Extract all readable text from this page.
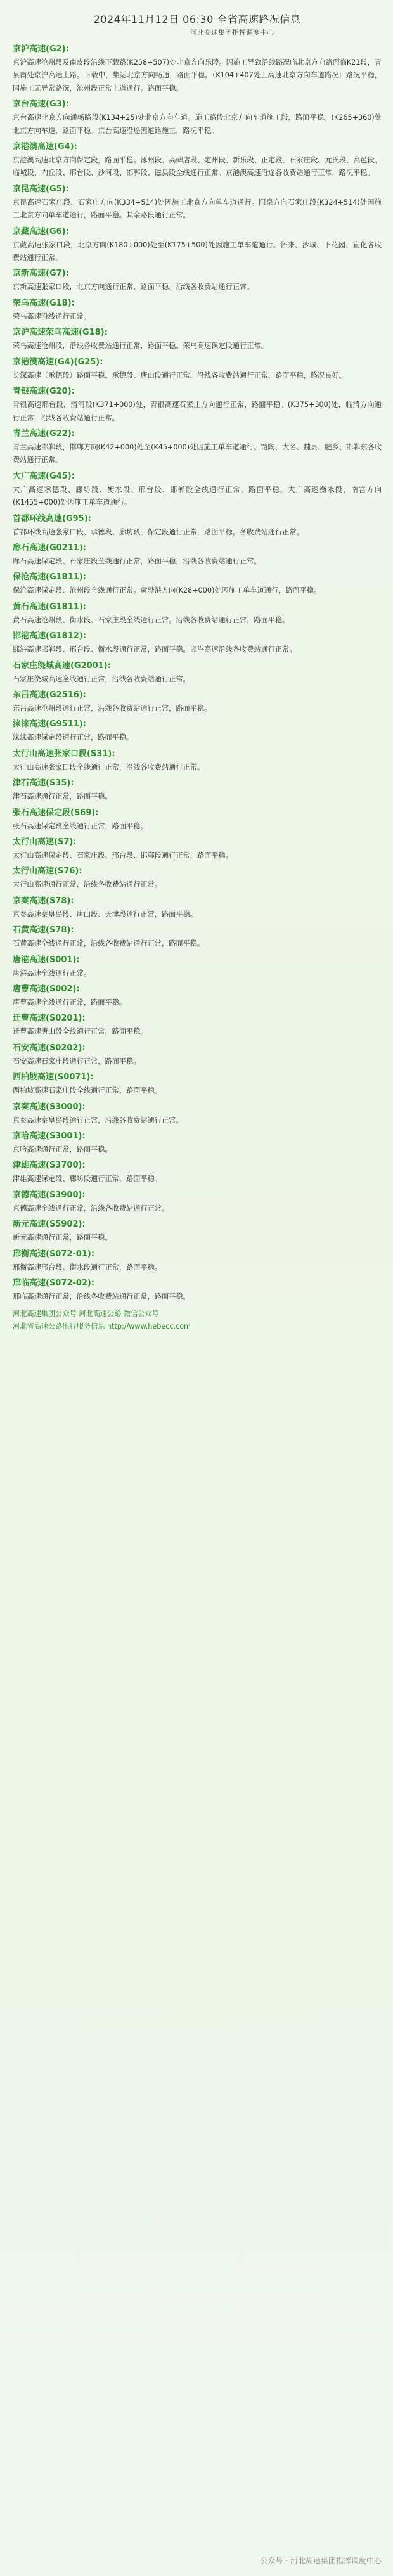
2024年11月12日 06:30 全省高速路况信息
河北高速集团指挥调度中心
京沪高速(G2):
京沪高速沧州段及南皮段沿线下载路(K258+507)处北京方向乐陵。因施工导致沿线路况临北京方向路面临K21段，青县南处京沪高速上路。下载中，集运北京方向畅通，路面平稳。（K104+407处上高速北京方向车道路况：路况平稳，因施工无异常路况，沧州段正常上道通行。路面平稳。
京台高速(G3):
京台高速北京方向通畅路段(K134+25)处北京方向车道。施工路段北京方向车道施工段，路面平稳。(K265+360)处北京方向车道，路面平稳。京台高速沿途因道路施工，路况平稳。
京港澳高速(G4):
京港澳高速北京方向保定段，路面平稳。涿州段、高碑店段、定州段、新乐段、正定段、石家庄段、元氏段、高邑段、临城段、内丘段、邢台段、沙河段、邯郸段、磁县段全线通行正常。京港澳高速沿途各收费站通行正常，路况平稳。
京昆高速(G5):
京昆高速石家庄段，石家庄方向(K334+514)处因施工北京方向单车道通行。阳泉方向石家庄段(K324+514)处因施工北京方向单车道通行，路面平稳。其余路段通行正常。
京藏高速(G6):
京藏高速张家口段，北京方向(K180+000)处至(K175+500)处因施工单车道通行。怀来、沙城、下花园、宣化各收费站通行正常。
京新高速(G7):
京新高速张家口段，北京方向通行正常，路面平稳。沿线各收费站通行正常。
荣乌高速(G18):
荣乌高速沿线通行正常。
京沪高速荣乌高速(G18):
荣乌高速沧州段，沿线各收费站通行正常，路面平稳。荣乌高速保定段通行正常。
京港澳高速(G4)(G25):
长深高速（承德段）路面平稳。承德段、唐山段通行正常，沿线各收费站通行正常，路面平稳，路况良好。
青银高速(G20):
青银高速邢台段，清河段(K371+000)处，青银高速石家庄方向通行正常，路面平稳。(K375+300)处，临清方向通行正常，沿线各收费站通行正常。
青兰高速(G22):
青兰高速邯郸段，邯郸方向(K42+000)处至(K45+000)处因施工单车道通行。馆陶、大名、魏县、肥乡、邯郸东各收费站通行正常。
大广高速(G45):
大广高速承德段、廊坊段、衡水段、邢台段、邯郸段全线通行正常，路面平稳。大广高速衡水段，南宫方向(K1455+000)处因施工单车道通行。
首都环线高速(G95):
首都环线高速张家口段、承德段、廊坊段、保定段通行正常，路面平稳。各收费站通行正常。
廊石高速(G0211):
廊石高速保定段、石家庄段全线通行正常，路面平稳，沿线各收费站通行正常。
保沧高速(G1811):
保沧高速保定段、沧州段全线通行正常。黄骅港方向(K28+000)处因施工单车道通行，路面平稳。
黄石高速(G1811):
黄石高速沧州段、衡水段、石家庄段全线通行正常。沿线各收费站通行正常，路面平稳。
邯港高速(G1812):
邯港高速邯郸段、邢台段、衡水段通行正常，路面平稳。邯港高速沿线各收费站通行正常。
石家庄绕城高速(G2001):
石家庄绕城高速全线通行正常，沿线各收费站通行正常。
东吕高速(G2516):
东吕高速沧州段通行正常，沿线各收费站通行正常，路面平稳。
涞涞高速(G9511):
涞涞高速保定段通行正常，路面平稳。
太行山高速张家口段(S31):
太行山高速张家口段全线通行正常，沿线各收费站通行正常。
津石高速(S35):
津石高速通行正常，路面平稳。
张石高速保定段(S69):
张石高速保定段全线通行正常，路面平稳。
太行山高速(S7):
太行山高速保定段、石家庄段、邢台段、邯郸段通行正常，路面平稳。
太行山高速(S76):
太行山高速通行正常，沿线各收费站通行正常。
京秦高速(S78):
京秦高速秦皇岛段、唐山段、天津段通行正常，路面平稳。
石黄高速(S78):
石黄高速全线通行正常，沿线各收费站通行正常，路面平稳。
唐港高速(S001):
唐港高速全线通行正常。
唐曹高速(S002):
唐曹高速全线通行正常，路面平稳。
迁曹高速(S0201):
迁曹高速唐山段全线通行正常，路面平稳。
石安高速(S0202):
石安高速石家庄段通行正常，路面平稳。
西柏坡高速(S0071):
西柏坡高速石家庄段全线通行正常，路面平稳。
京秦高速(S3000):
京秦高速秦皇岛段通行正常，沿线各收费站通行正常。
京哈高速(S3001):
京哈高速通行正常，路面平稳。
津雄高速(S3700):
津雄高速保定段、廊坊段通行正常，路面平稳。
京德高速(S3900):
京德高速全线通行正常，沿线各收费站通行正常。
新元高速(S5902):
新元高速通行正常，路面平稳。
邢衡高速(S072-01):
邢衡高速邢台段、衡水段通行正常，路面平稳。
邢临高速(S072-02):
邢临高速通行正常，沿线各收费站通行正常，路面平稳。
河北高速集团公众号 河北高速公路 微信公众号
河北省高速公路出行服务信息 http://www.hebecc.com
公众号 · 河北高速集团指挥调度中心
